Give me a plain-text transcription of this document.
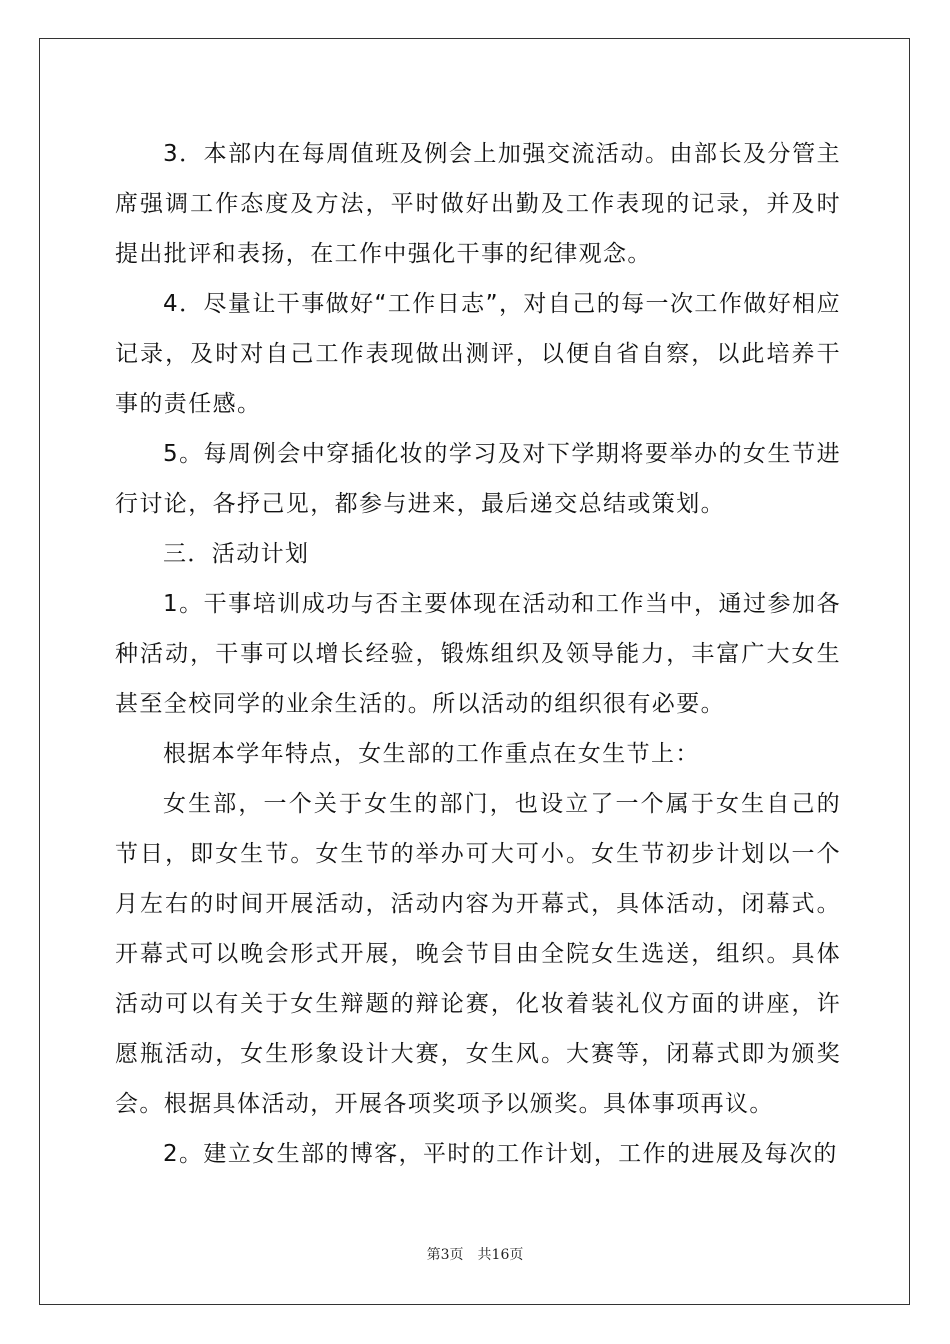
3．本部内在每周值班及例会上加强交流活动。由部长及分管主席强调工作态度及方法，平时做好出勤及工作表现的记录，并及时提出批评和表扬，在工作中强化干事的纪律观念。

4．尽量让干事做好“工作日志”，对自己的每一次工作做好相应记录，及时对自己工作表现做出测评，以便自省自察，以此培养干事的责任感。

5。每周例会中穿插化妆的学习及对下学期将要举办的女生节进行讨论，各抒己见，都参与进来，最后递交总结或策划。

三．活动计划

1。干事培训成功与否主要体现在活动和工作当中，通过参加各种活动，干事可以增长经验，锻炼组织及领导能力，丰富广大女生甚至全校同学的业余生活的。所以活动的组织很有必要。

根据本学年特点，女生部的工作重点在女生节上：

女生部，一个关于女生的部门，也设立了一个属于女生自己的节日，即女生节。女生节的举办可大可小。女生节初步计划以一个月左右的时间开展活动，活动内容为开幕式，具体活动，闭幕式。开幕式可以晚会形式开展，晚会节目由全院女生选送，组织。具体活动可以有关于女生辩题的辩论赛，化妆着装礼仪方面的讲座，许愿瓶活动，女生形象设计大赛，女生风。大赛等，闭幕式即为颁奖会。根据具体活动，开展各项奖项予以颁奖。具体事项再议。

2。建立女生部的博客，平时的工作计划，工作的进展及每次的

第3页 共16页
